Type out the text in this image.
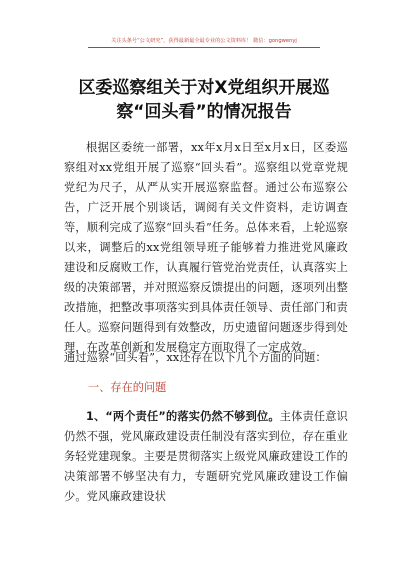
关注头条号“公文研究”，获得最新最全最专业的公文资料库！ 微信：gongwenyj
区委巡察组关于对X党组织开展巡察“回头看”的情况报告

根据区委统一部署，xx年x月x日至x月x日，区委巡察组对xx党组开展了巡察“回头看”。巡察组以党章党规党纪为尺子，从严从实开展巡察监督。通过公布巡察公告，广泛开展个别谈话，调阅有关文件资料，走访调查等，顺利完成了巡察“回头看”任务。总体来看，上轮巡察以来，调整后的xx党组领导班子能够着力推进党风廉政建设和反腐败工作，认真履行管党治党责任，认真落实上级的决策部署，并对照巡察反馈提出的问题，逐项列出整改措施，把整改事项落实到具体责任领导、责任部门和责任人。巡察问题得到有效整改，历史遗留问题逐步得到处理，在改革创新和发展稳定方面取得了一定成效。

通过巡察“回头看”，xx还存在以下几个方面的问题：

一、存在的问题

1、“两个责任”的落实仍然不够到位。主体责任意识仍然不强，党风廉政建设责任制没有落实到位，存在重业务轻党建现象。主要是贯彻落实上级党风廉政建设工作的决策部署不够坚决有力，专题研究党风廉政建设工作偏少。党风廉政建设状
